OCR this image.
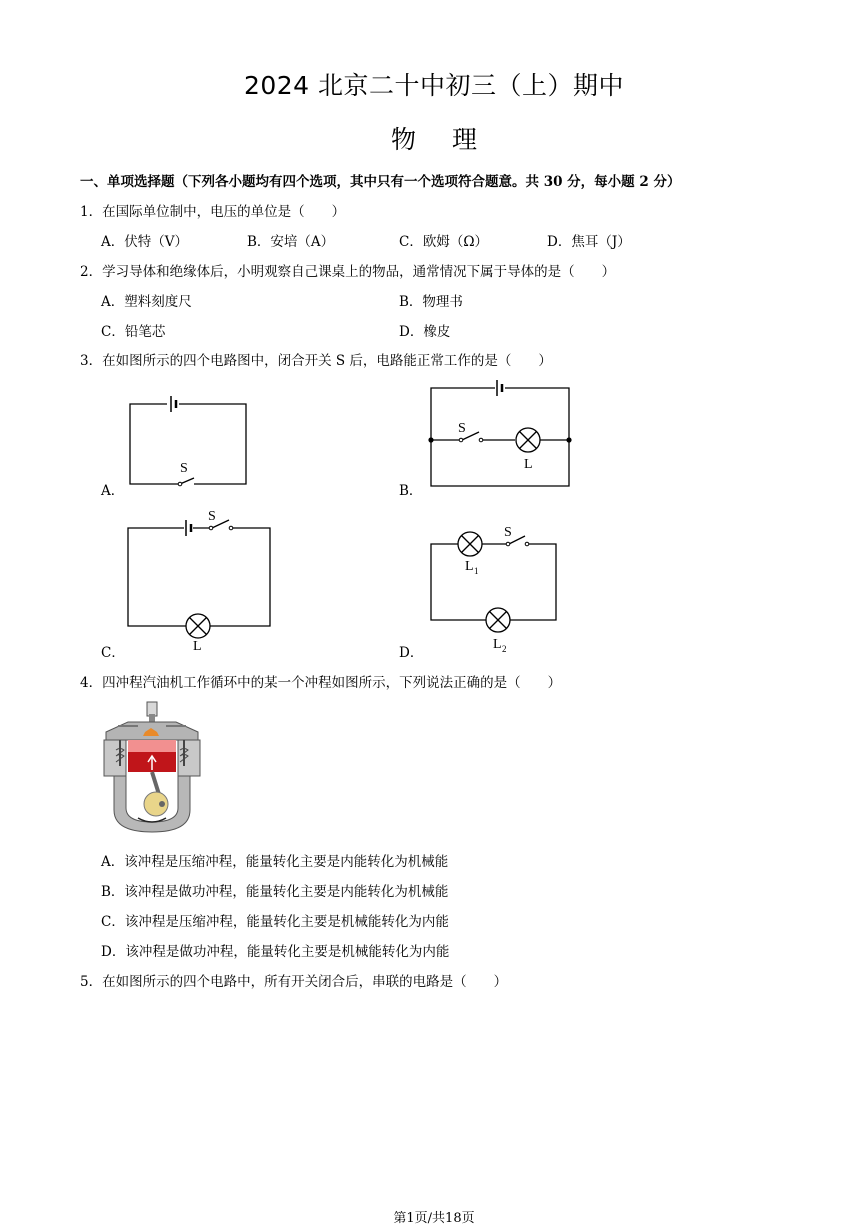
2024 北京二十中初三（上）期中
物理
一、单项选择题（下列各小题均有四个选项，其中只有一个选项符合题意。共 30 分，每小题 2 分）
1．在国际单位制中，电压的单位是（　　）
A．伏特（V）	B．安培（A）	C．欧姆（Ω）	D．焦耳（J）
2．学习导体和绝缘体后，小明观察自己课桌上的物品，通常情况下属于导体的是（　　）
A．塑料刻度尺	B．物理书
C．铅笔芯	D．橡皮
3．在如图所示的四个电路图中，闭合开关 S 后，电路能正常工作的是（　　）
A．
S
B．
S
L
C．
S
L	D．
S
L 1
L 2
4．四冲程汽油机工作循环中的某一个冲程如图所示，下列说法正确的是（　　）
A．该冲程是压缩冲程，能量转化主要是内能转化为机械能
B．该冲程是做功冲程，能量转化主要是内能转化为机械能
C．该冲程是压缩冲程，能量转化主要是机械能转化为内能
D．该冲程是做功冲程，能量转化主要是机械能转化为内能
5．在如图所示的四个电路中，所有开关闭合后，串联的电路是（　　）
第1页/共18页
